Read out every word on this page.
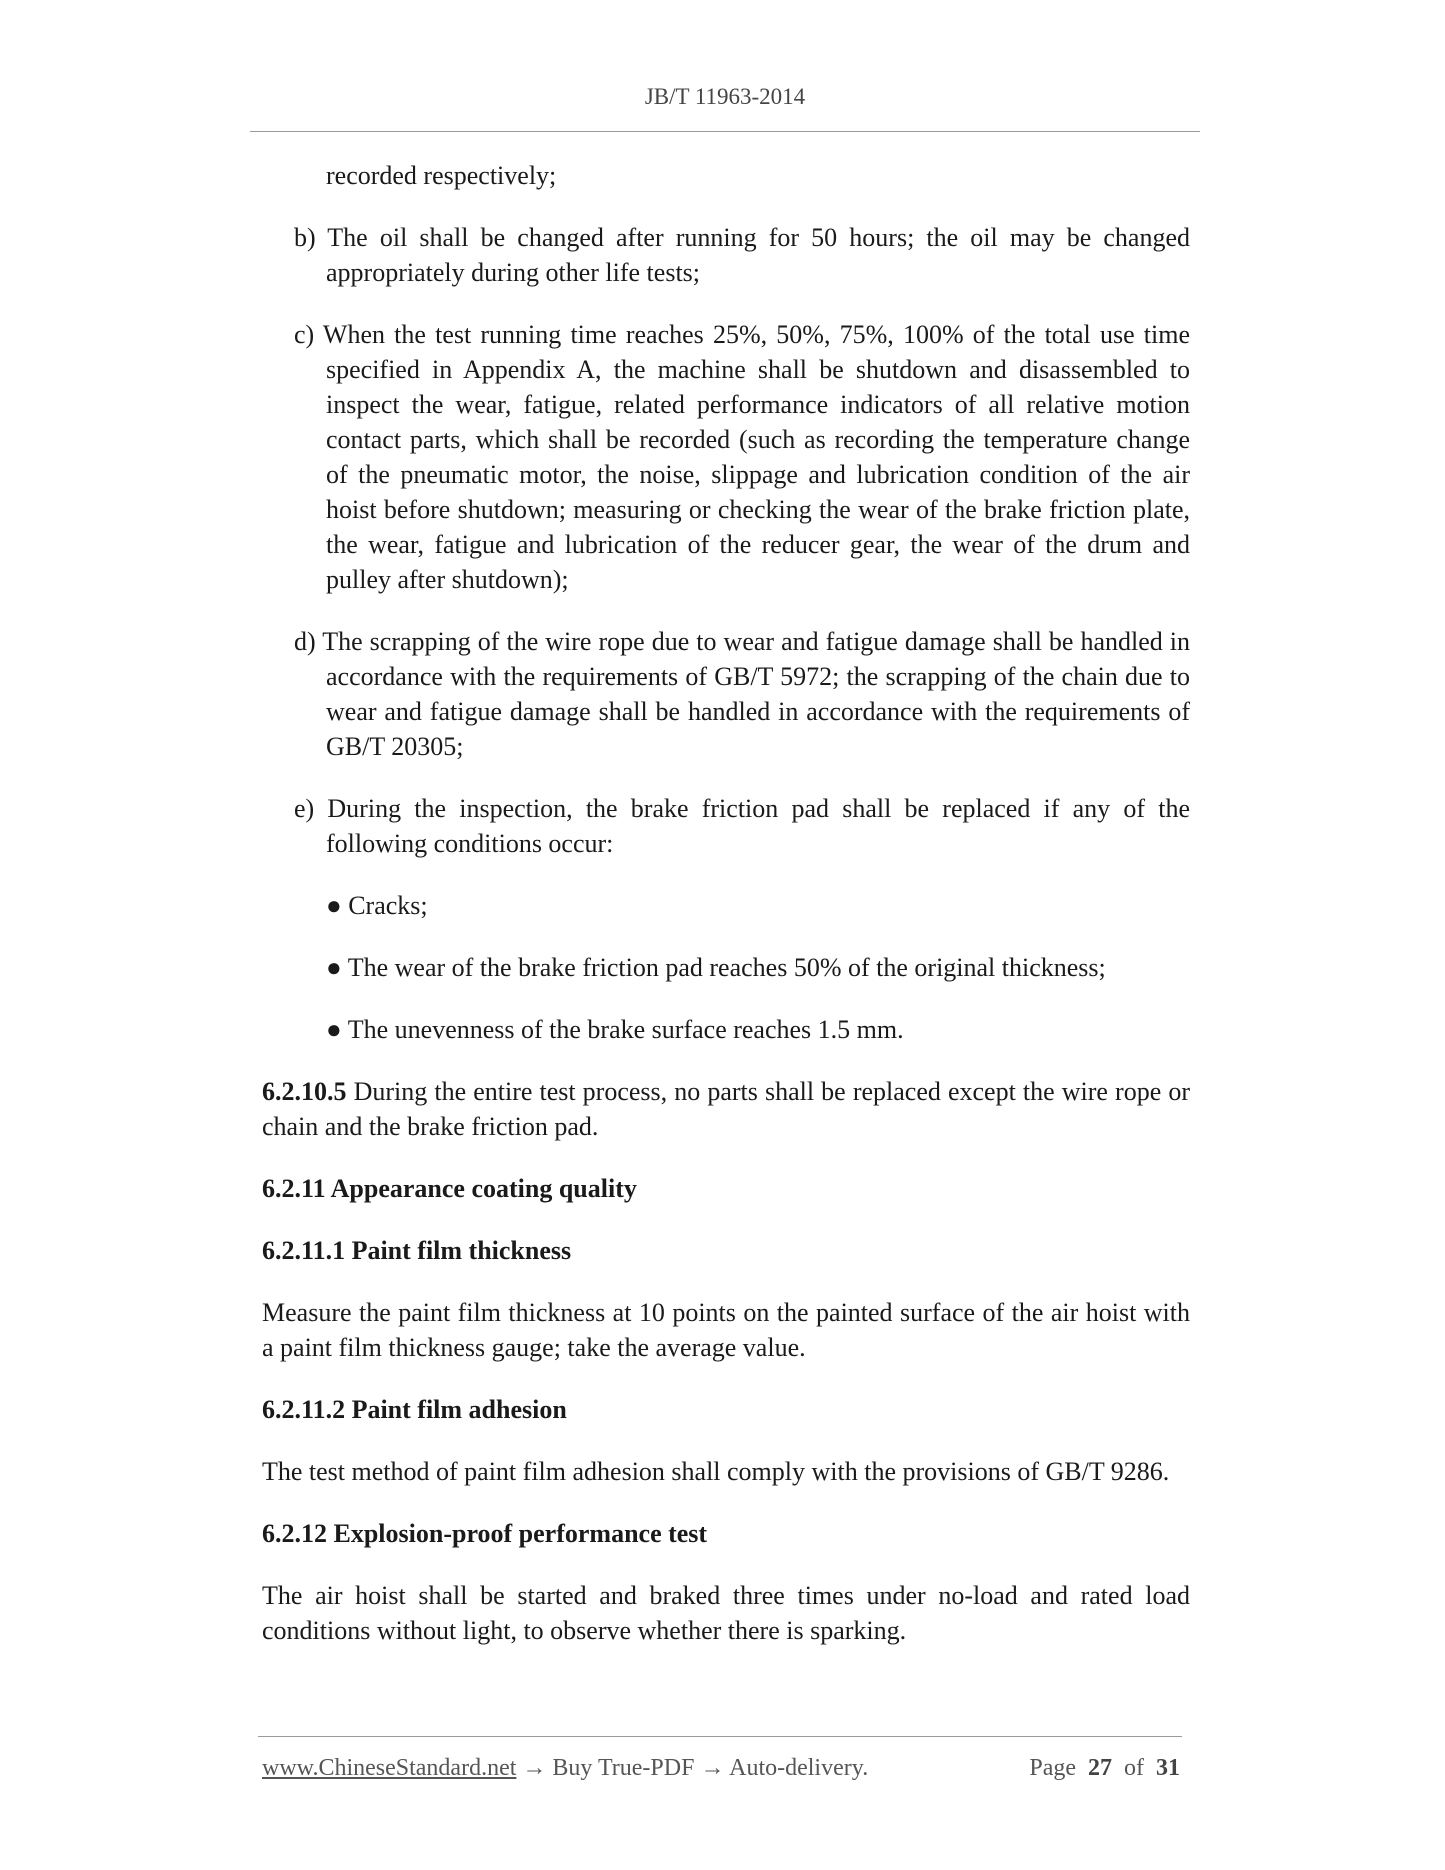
JB/T 11963-2014

recorded respectively;

b) The oil shall be changed after running for 50 hours; the oil may be changed appropriately during other life tests;

c) When the test running time reaches 25%, 50%, 75%, 100% of the total use time specified in Appendix A, the machine shall be shutdown and disassembled to inspect the wear, fatigue, related performance indicators of all relative motion contact parts, which shall be recorded (such as recording the temperature change of the pneumatic motor, the noise, slippage and lubrication condition of the air hoist before shutdown; measuring or checking the wear of the brake friction plate, the wear, fatigue and lubrication of the reducer gear, the wear of the drum and pulley after shutdown);

d) The scrapping of the wire rope due to wear and fatigue damage shall be handled in accordance with the requirements of GB/T 5972; the scrapping of the chain due to wear and fatigue damage shall be handled in accordance with the requirements of GB/T 20305;

e) During the inspection, the brake friction pad shall be replaced if any of the following conditions occur:

● Cracks;

● The wear of the brake friction pad reaches 50% of the original thickness;

● The unevenness of the brake surface reaches 1.5 mm.

6.2.10.5 During the entire test process, no parts shall be replaced except the wire rope or chain and the brake friction pad.

6.2.11 Appearance coating quality

6.2.11.1 Paint film thickness

Measure the paint film thickness at 10 points on the painted surface of the air hoist with a paint film thickness gauge; take the average value.

6.2.11.2 Paint film adhesion

The test method of paint film adhesion shall comply with the provisions of GB/T 9286.

6.2.12 Explosion-proof performance test

The air hoist shall be started and braked three times under no-load and rated load conditions without light, to observe whether there is sparking.

www.ChineseStandard.net → Buy True-PDF → Auto-delivery.	Page 27 of 31
